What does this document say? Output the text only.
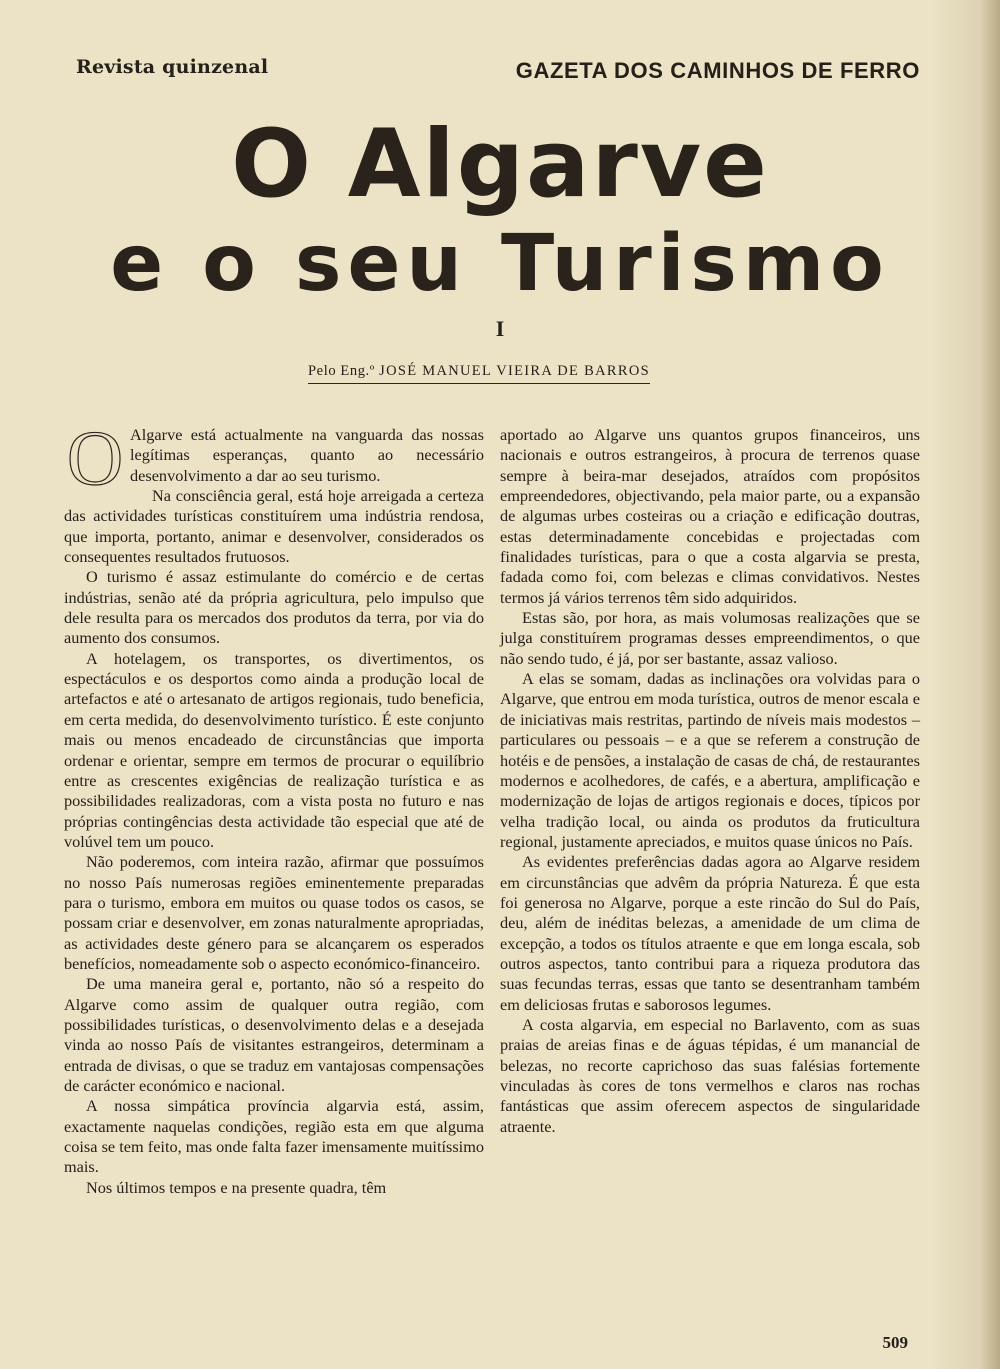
Revista quinzenal	GAZETA DOS CAMINHOS DE FERRO
O Algarve
e o seu Turismo
I
Pelo Eng.º JOSÉ MANUEL VIEIRA DE BARROS

O Algarve está actualmente na vanguarda das nossas legítimas esperanças, quanto ao necessário desenvolvimento a dar ao seu turismo.

Na consciência geral, está hoje arreigada a certeza das actividades turísticas constituírem uma indústria rendosa, que importa, portanto, animar e desenvolver, considerados os consequentes resultados frutuosos.

O turismo é assaz estimulante do comércio e de certas indústrias, senão até da própria agricultura, pelo impulso que dele resulta para os mercados dos produtos da terra, por via do aumento dos consumos.

A hotelagem, os transportes, os divertimentos, os espectáculos e os desportos como ainda a produção local de artefactos e até o artesanato de artigos regionais, tudo beneficia, em certa medida, do desenvolvimento turístico. É este conjunto mais ou menos encadeado de circunstâncias que importa ordenar e orientar, sempre em termos de procurar o equilíbrio entre as crescentes exigências de realização turística e as possibilidades realizadoras, com a vista posta no futuro e nas próprias contingências desta actividade tão especial que até de volúvel tem um pouco.

Não poderemos, com inteira razão, afirmar que possuímos no nosso País numerosas regiões eminentemente preparadas para o turismo, embora em muitos ou quase todos os casos, se possam criar e desenvolver, em zonas naturalmente apropriadas, as actividades deste género para se alcançarem os esperados benefícios, nomeadamente sob o aspecto económico-financeiro.

De uma maneira geral e, portanto, não só a respeito do Algarve como assim de qualquer outra região, com possibilidades turísticas, o desenvolvimento delas e a desejada vinda ao nosso País de visitantes estrangeiros, determinam a entrada de divisas, o que se traduz em vantajosas compensações de carácter económico e nacional.

A nossa simpática província algarvia está, assim, exactamente naquelas condições, região esta em que alguma coisa se tem feito, mas onde falta fazer imensamente muitíssimo mais.

Nos últimos tempos e na presente quadra, têm

aportado ao Algarve uns quantos grupos financeiros, uns nacionais e outros estrangeiros, à procura de terrenos quase sempre à beira-mar desejados, atraídos com propósitos empreendedores, objectivando, pela maior parte, ou a expansão de algumas urbes costeiras ou a criação e edificação doutras, estas determinadamente concebidas e projectadas com finalidades turísticas, para o que a costa algarvia se presta, fadada como foi, com belezas e climas convidativos. Nestes termos já vários terrenos têm sido adquiridos.

Estas são, por hora, as mais volumosas realizações que se julga constituírem programas desses empreendimentos, o que não sendo tudo, é já, por ser bastante, assaz valioso.

A elas se somam, dadas as inclinações ora volvidas para o Algarve, que entrou em moda turística, outros de menor escala e de iniciativas mais restritas, partindo de níveis mais modestos – particulares ou pessoais – e a que se referem a construção de hotéis e de pensões, a instalação de casas de chá, de restaurantes modernos e acolhedores, de cafés, e a abertura, amplificação e modernização de lojas de artigos regionais e doces, típicos por velha tradição local, ou ainda os produtos da fruticultura regional, justamente apreciados, e muitos quase únicos no País.

As evidentes preferências dadas agora ao Algarve residem em circunstâncias que advêm da própria Natureza. É que esta foi generosa no Algarve, porque a este rincão do Sul do País, deu, além de inéditas belezas, a amenidade de um clima de excepção, a todos os títulos atraente e que em longa escala, sob outros aspectos, tanto contribui para a riqueza produtora das suas fecundas terras, essas que tanto se desentranham também em deliciosas frutas e saborosos legumes.

A costa algarvia, em especial no Barlavento, com as suas praias de areias finas e de águas tépidas, é um manancial de belezas, no recorte caprichoso das suas falésias fortemente vinculadas às cores de tons vermelhos e claros nas rochas fantásticas que assim oferecem aspectos de singularidade atraente.

509
